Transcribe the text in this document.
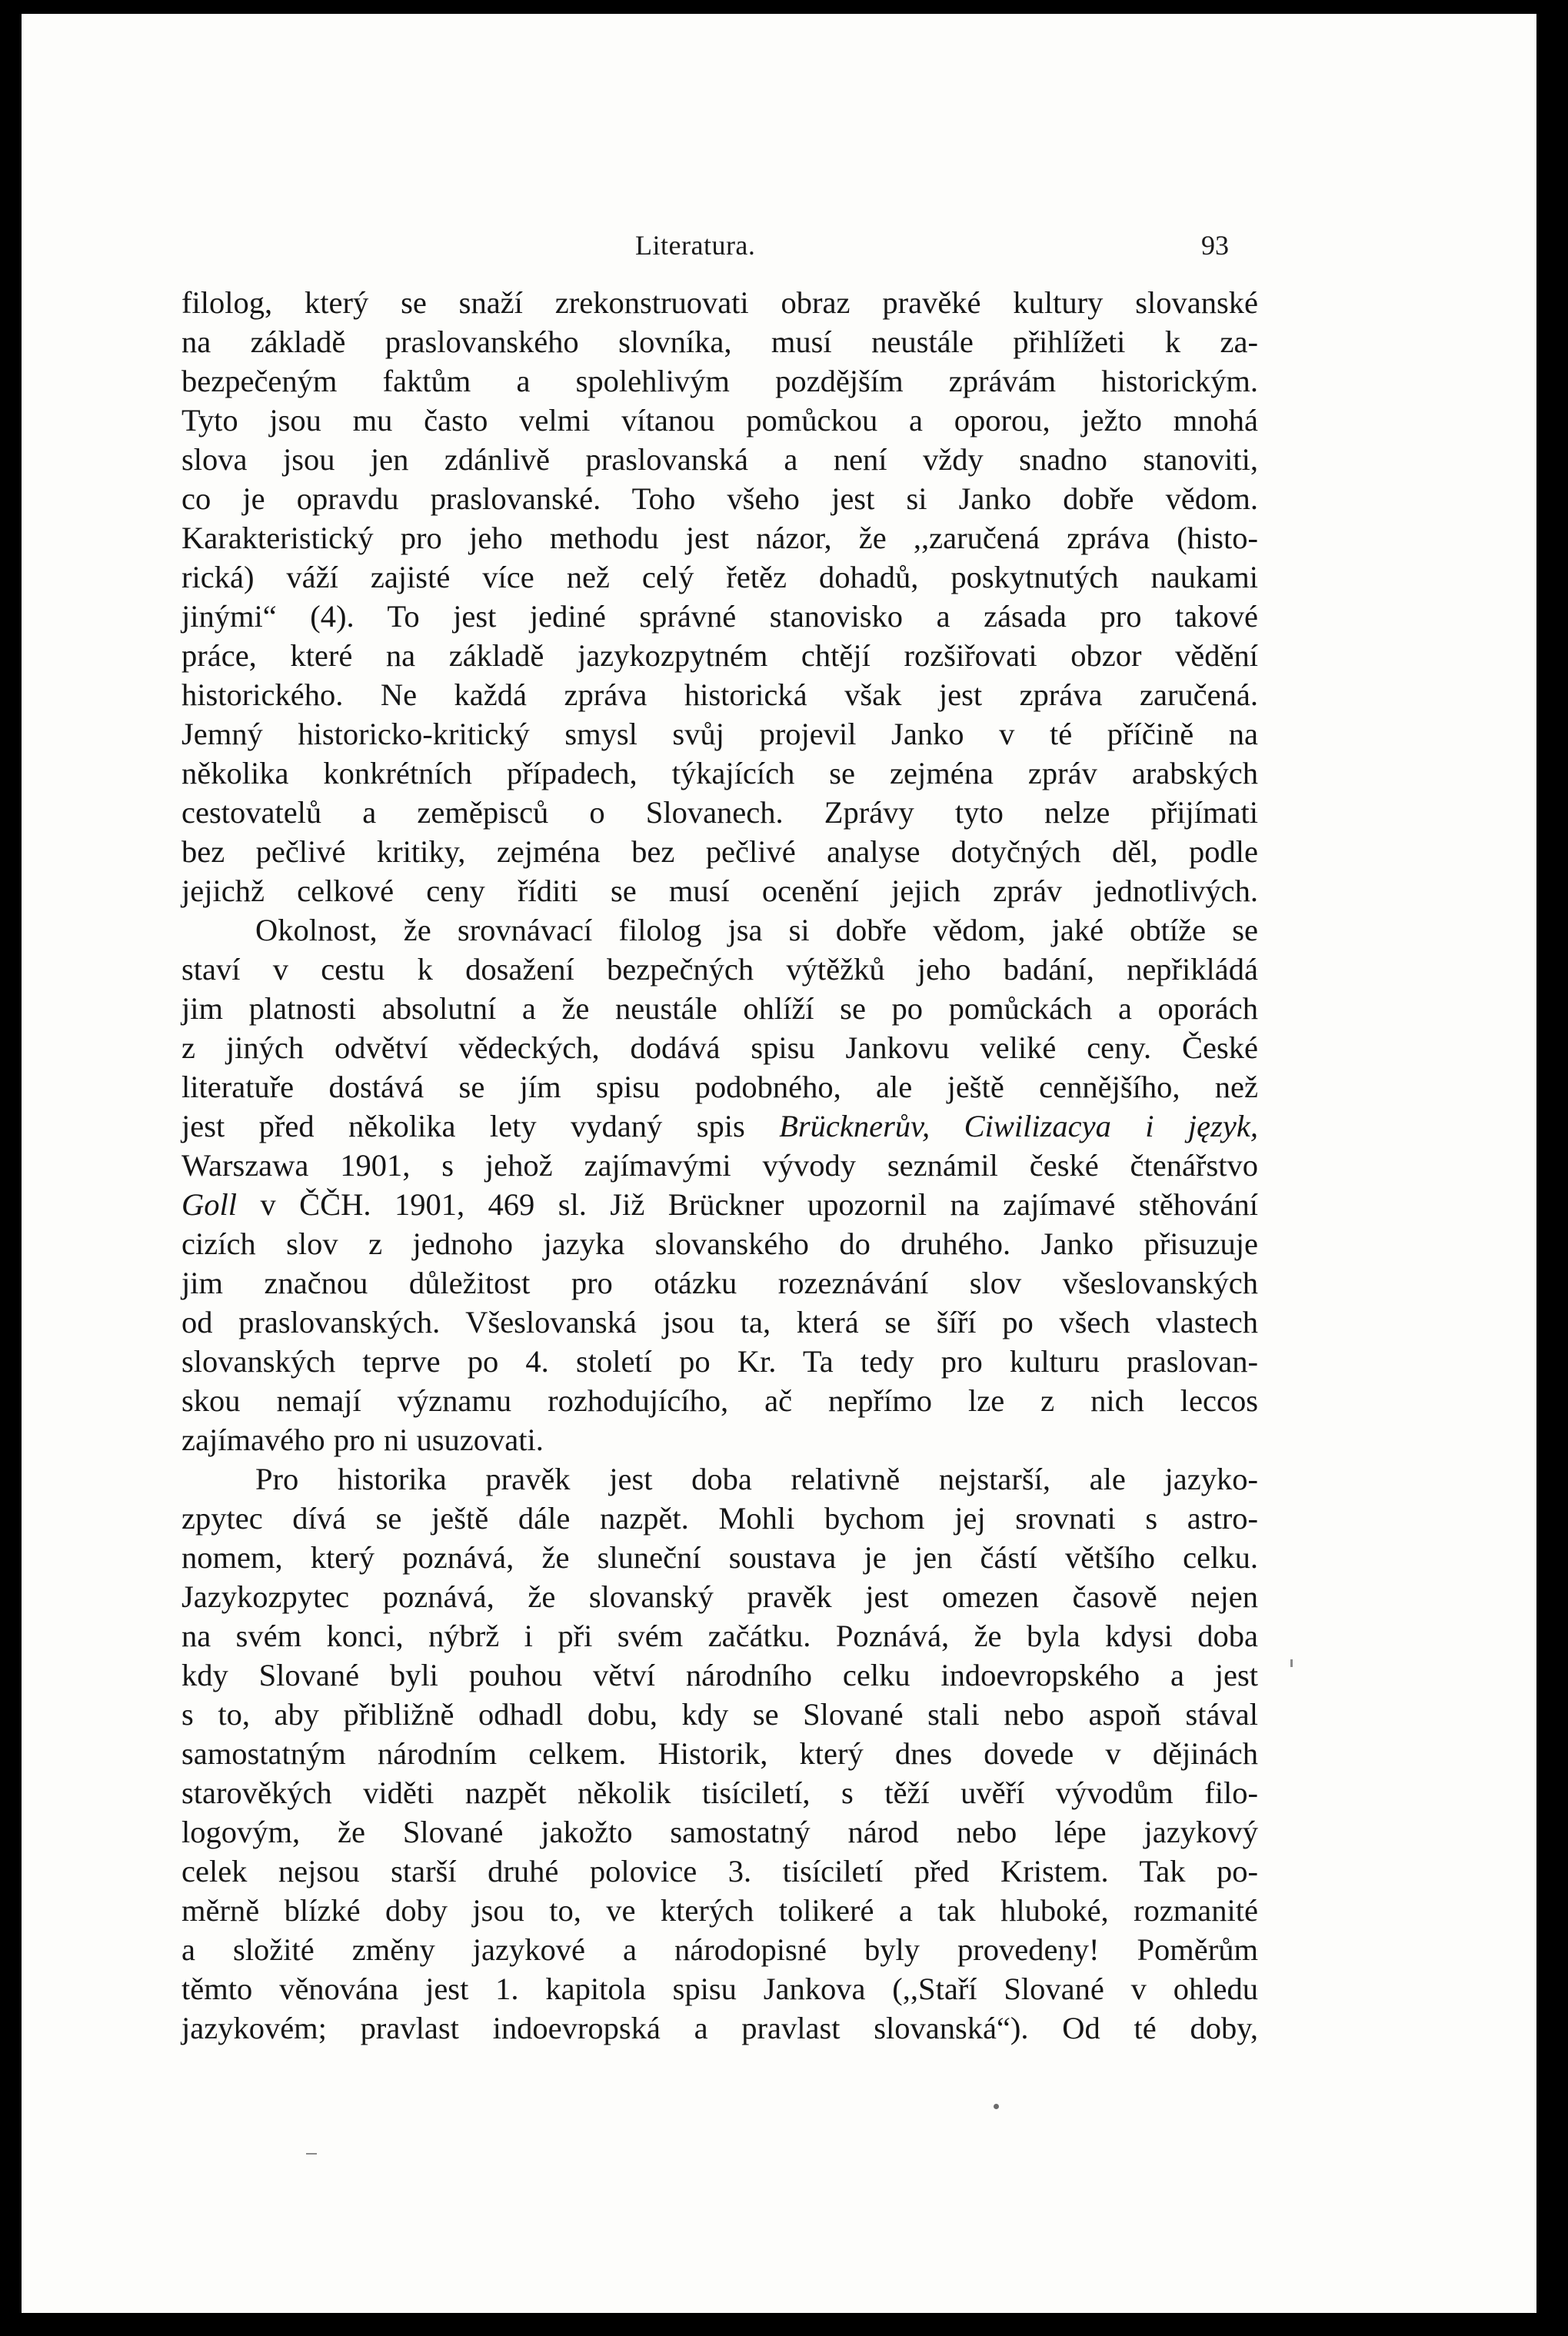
Literatura.	93
filolog, který se snaží zrekonstruovati obraz pravěké kultury slovanské
na základě praslovanského slovníka, musí neustále přihlížeti k za-
bezpečeným faktům a spolehlivým pozdějším zprávám historickým.
Tyto jsou mu často velmi vítanou pomůckou a oporou, ježto mnohá
slova jsou jen zdánlivě praslovanská a není vždy snadno stanoviti,
co je opravdu praslovanské. Toho všeho jest si Janko dobře vědom.
Karakteristický pro jeho methodu jest názor, že ,,zaručená zpráva (histo-
rická) váží zajisté více než celý řetěz dohadů, poskytnutých naukami
jinými“ (4). To jest jediné správné stanovisko a zásada pro takové
práce, které na základě jazykozpytném chtějí rozšiřovati obzor vědění
historického. Ne každá zpráva historická však jest zpráva zaručená.
Jemný historicko-kritický smysl svůj projevil Janko v té příčině na
několika konkrétních případech, týkajících se zejména zpráv arabských
cestovatelů a zeměpisců o Slovanech. Zprávy tyto nelze přijímati
bez pečlivé kritiky, zejména bez pečlivé analyse dotyčných děl, podle
jejichž celkové ceny říditi se musí ocenění jejich zpráv jednotlivých.
Okolnost, že srovnávací filolog jsa si dobře vědom, jaké obtíže se
staví v cestu k dosažení bezpečných výtěžků jeho badání, nepřikládá
jim platnosti absolutní a že neustále ohlíží se po pomůckách a oporách
z jiných odvětví vědeckých, dodává spisu Jankovu veliké ceny. České
literatuře dostává se jím spisu podobného, ale ještě cennějšího, než
jest před několika lety vydaný spis Brücknerův, Ciwilizacya i język,
Warszawa 1901, s jehož zajímavými vývody seznámil české čtenářstvo
Goll v ČČH. 1901, 469 sl. Již Brückner upozornil na zajímavé stěhování
cizích slov z jednoho jazyka slovanského do druhého. Janko přisuzuje
jim značnou důležitost pro otázku rozeznávání slov všeslovanských
od praslovanských. Všeslovanská jsou ta, která se šíří po všech vlastech
slovanských teprve po 4. století po Kr. Ta tedy pro kulturu praslovan-
skou nemají významu rozhodujícího, ač nepřímo lze z nich leccos
zajímavého pro ni usuzovati.
Pro historika pravěk jest doba relativně nejstarší, ale jazyko-
zpytec dívá se ještě dále nazpět. Mohli bychom jej srovnati s astro-
nomem, který poznává, že sluneční soustava je jen částí většího celku.
Jazykozpytec poznává, že slovanský pravěk jest omezen časově nejen
na svém konci, nýbrž i při svém začátku. Poznává, že byla kdysi doba
kdy Slované byli pouhou větví národního celku indoevropského a jest
s to, aby přibližně odhadl dobu, kdy se Slované stali nebo aspoň stával
samostatným národním celkem. Historik, který dnes dovede v dějinách
starověkých viděti nazpět několik tisíciletí, s těží uvěří vývodům filo-
logovým, že Slované jakožto samostatný národ nebo lépe jazykový
celek nejsou starší druhé polovice 3. tisíciletí před Kristem. Tak po-
měrně blízké doby jsou to, ve kterých tolikeré a tak hluboké, rozmanité
a složité změny jazykové a národopisné byly provedeny! Poměrům
těmto věnována jest 1. kapitola spisu Jankova (,,Staří Slované v ohledu
jazykovém; pravlast indoevropská a pravlast slovanská“). Od té doby,
